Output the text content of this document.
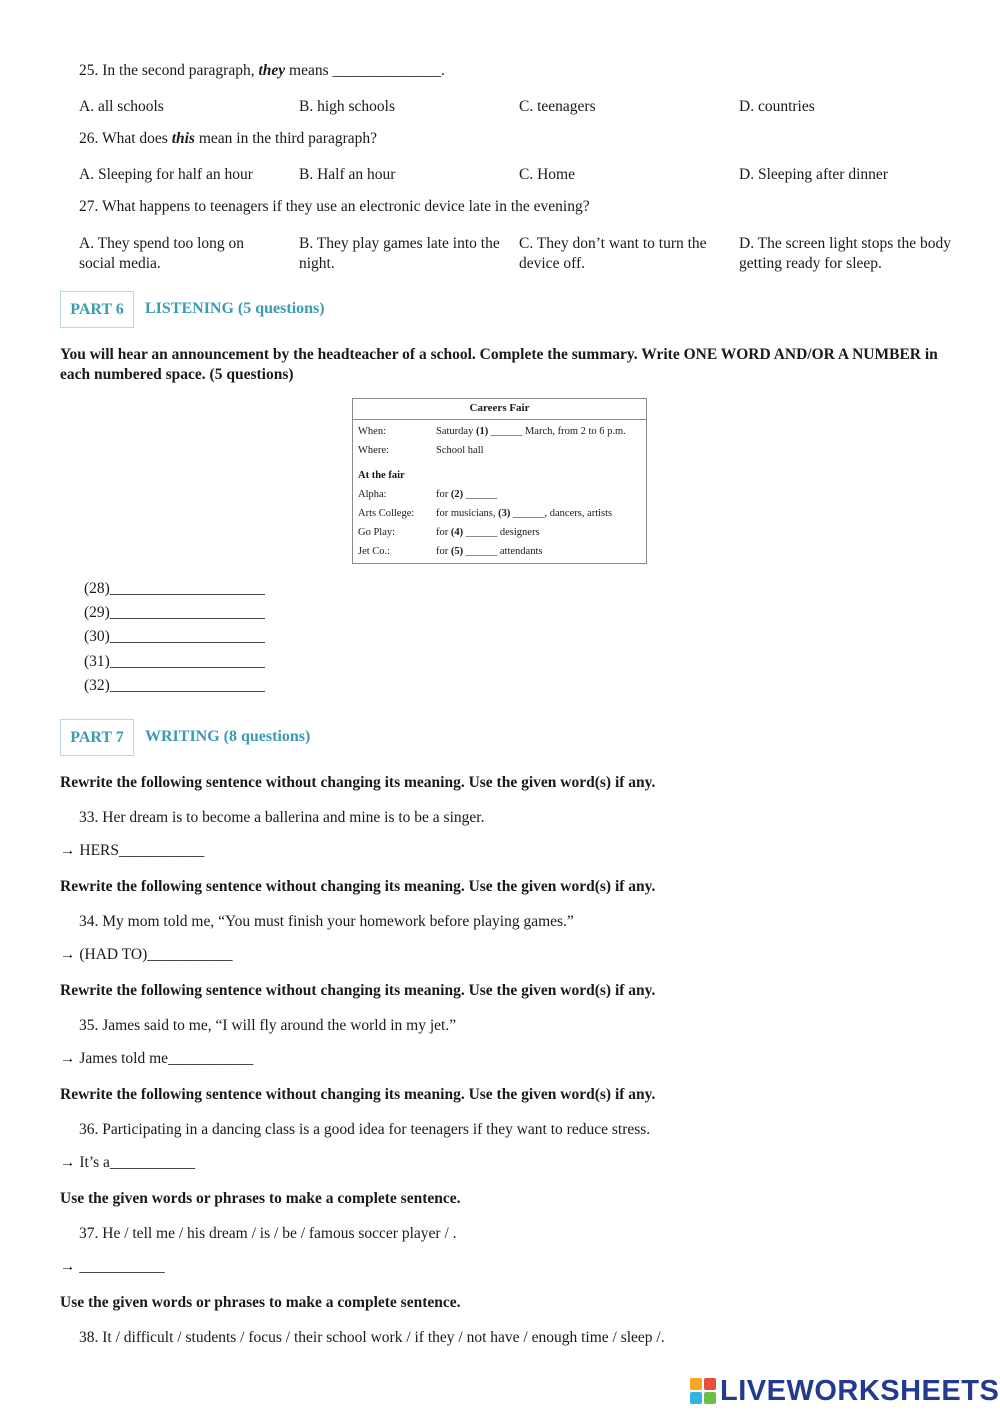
25. In the second paragraph, they means ______________.
A. all schools	B. high schools	C. teenagers	D. countries
26. What does this mean in the third paragraph?
A. Sleeping for half an hour	B. Half an hour	C. Home	D. Sleeping after dinner
27. What happens to teenagers if they use an electronic device late in the evening?
A. They spend too long on social media.
B. They play games late into the night.
C. They don’t want to turn the device off.
D. The screen light stops the body getting ready for sleep.
PART 6	LISTENING (5 questions)
You will hear an announcement by the headteacher of a school. Complete the summary. Write ONE WORD AND/OR A NUMBER in each numbered space. (5 questions)
Careers Fair
When:	Saturday (1) ______ March, from 2 to 6 p.m.
Where:	School hall
At the fair
Alpha:	for (2) ______
Arts College: for musicians, (3) ______, dancers, artists
Go Play:	for (4) ______ designers
Jet Co.:	for (5) ______ attendants
(28)____________________
(29)____________________
(30)____________________
(31)____________________
(32)____________________
PART 7	WRITING (8 questions)
Rewrite the following sentence without changing its meaning. Use the given word(s) if any.
33. Her dream is to become a ballerina and mine is to be a singer.
→ HERS___________
Rewrite the following sentence without changing its meaning. Use the given word(s) if any.
34. My mom told me, “You must finish your homework before playing games.”
→ (HAD TO)___________
Rewrite the following sentence without changing its meaning. Use the given word(s) if any.
35. James said to me, “I will fly around the world in my jet.”
→ James told me___________
Rewrite the following sentence without changing its meaning. Use the given word(s) if any.
36. Participating in a dancing class is a good idea for teenagers if they want to reduce stress.
→ It’s a___________
Use the given words or phrases to make a complete sentence.
37. He / tell me / his dream / is / be / famous soccer player / .
→ ___________
Use the given words or phrases to make a complete sentence.
38. It / difficult / students / focus / their school work / if they / not have / enough time / sleep /.
LIVEWORKSHEETS
